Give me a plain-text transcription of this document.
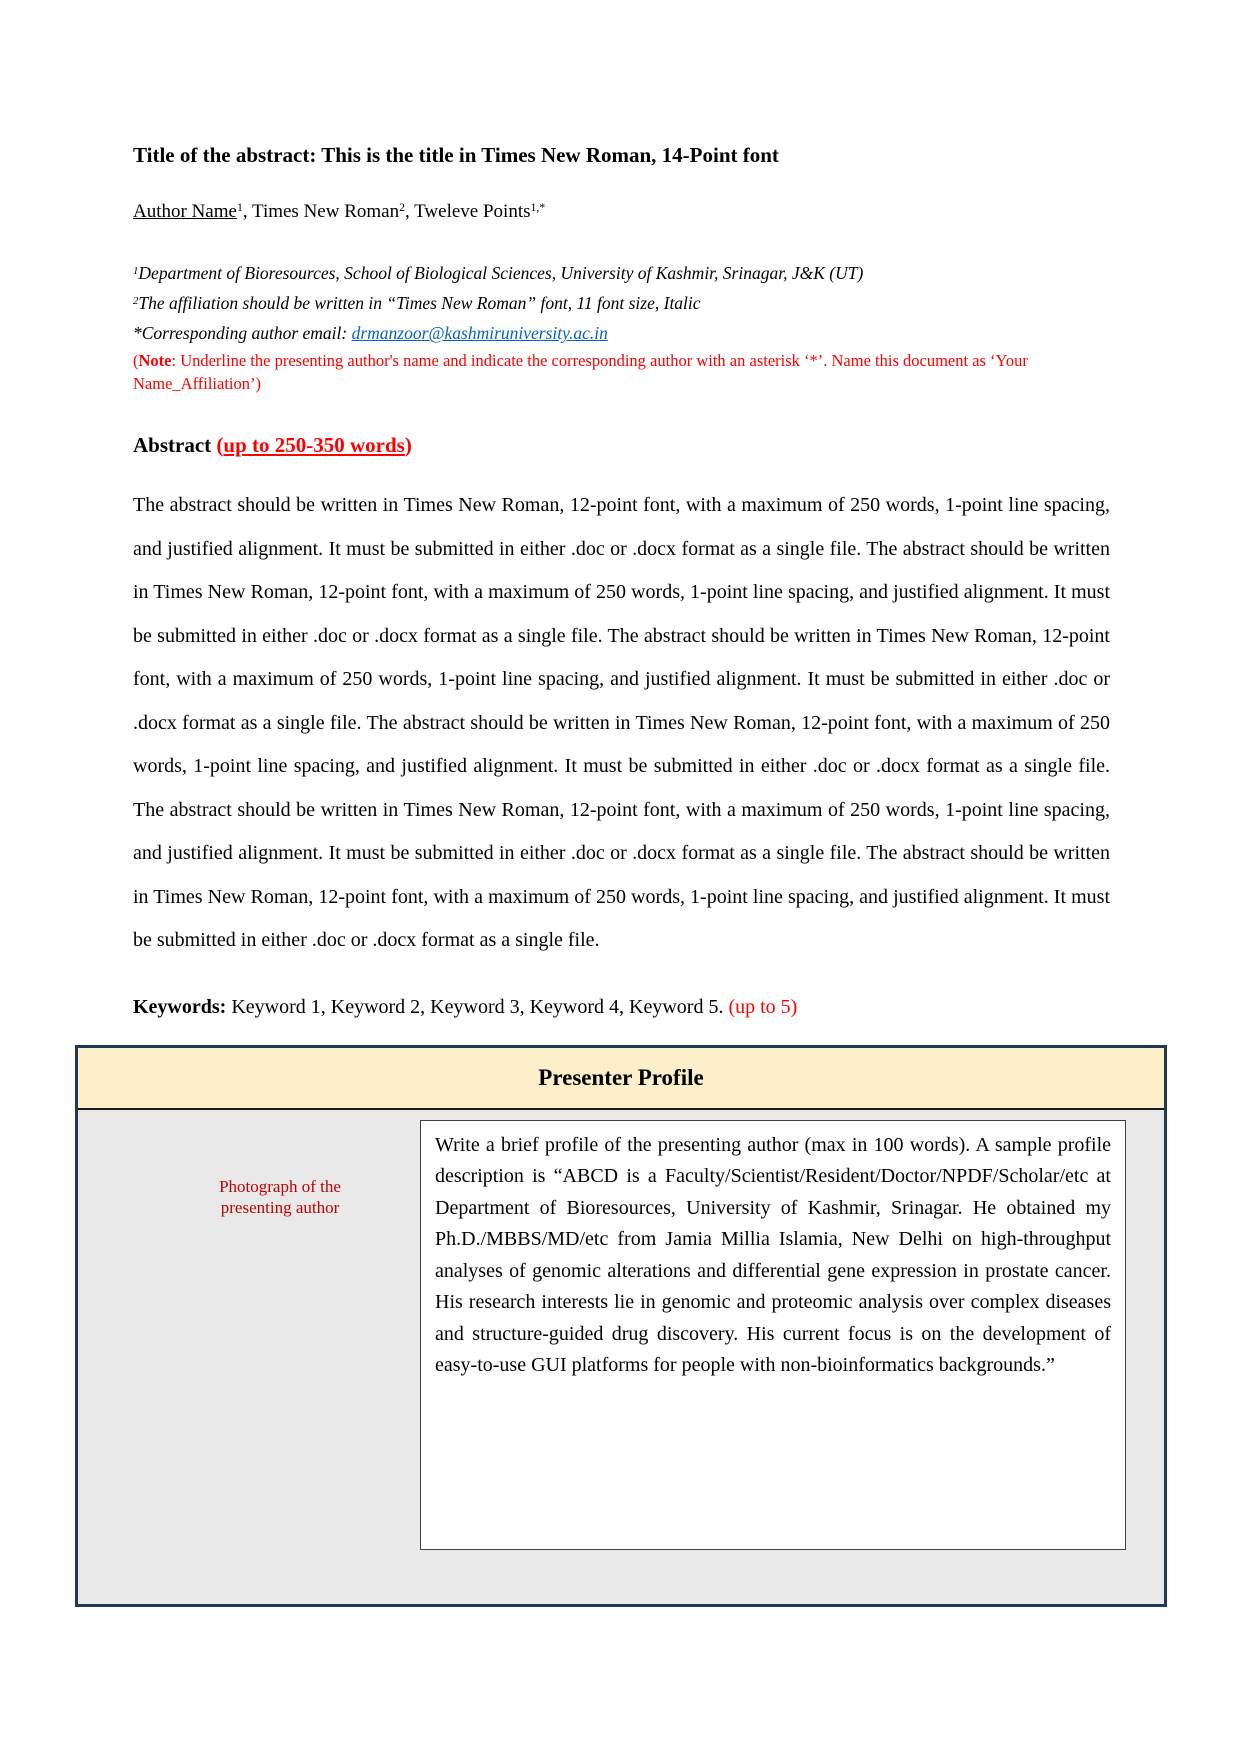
Title of the abstract: This is the title in Times New Roman, 14-Point font

Author Name$^1$, Times New Roman$^2$, Tweleve Points$^{1,*}$

$^1$Department of Bioresources, School of Biological Sciences, University of Kashmir, Srinagar, J&K (UT)
$^2$The affiliation should be written in “Times New Roman” font, 11 font size, Italic
*Corresponding author email: drmanzoor@kashmiruniversity.ac.in
(Note: Underline the presenting author's name and indicate the corresponding author with an asterisk ‘*’. Name this document as ‘Your Name_Affiliation’)
Abstract (up to 250-350 words)

The abstract should be written in Times New Roman, 12-point font, with a maximum of 250 words, 1-point line spacing, and justified alignment. It must be submitted in either .doc or .docx format as a single file. The abstract should be written in Times New Roman, 12-point font, with a maximum of 250 words, 1-point line spacing, and justified alignment. It must be submitted in either .doc or .docx format as a single file. The abstract should be written in Times New Roman, 12-point font, with a maximum of 250 words, 1-point line spacing, and justified alignment. It must be submitted in either .doc or .docx format as a single file. The abstract should be written in Times New Roman, 12-point font, with a maximum of 250 words, 1-point line spacing, and justified alignment. It must be submitted in either .doc or .docx format as a single file. The abstract should be written in Times New Roman, 12-point font, with a maximum of 250 words, 1-point line spacing, and justified alignment. It must be submitted in either .doc or .docx format as a single file. The abstract should be written in Times New Roman, 12-point font, with a maximum of 250 words, 1-point line spacing, and justified alignment. It must be submitted in either .doc or .docx format as a single file.

Keywords: Keyword 1, Keyword 2, Keyword 3, Keyword 4, Keyword 5. (up to 5)

Presenter Profile
Photograph of the
presenting author

Write a brief profile of the presenting author (max in 100 words). A sample profile description is “ABCD is a Faculty/Scientist/Resident/Doctor/NPDF/Scholar/etc at Department of Bioresources, University of Kashmir, Srinagar. He obtained my Ph.D./MBBS/MD/etc from Jamia Millia Islamia, New Delhi on high-throughput analyses of genomic alterations and differential gene expression in prostate cancer. His research interests lie in genomic and proteomic analysis over complex diseases and structure-guided drug discovery. His current focus is on the development of easy-to-use GUI platforms for people with non-bioinformatics backgrounds.”
